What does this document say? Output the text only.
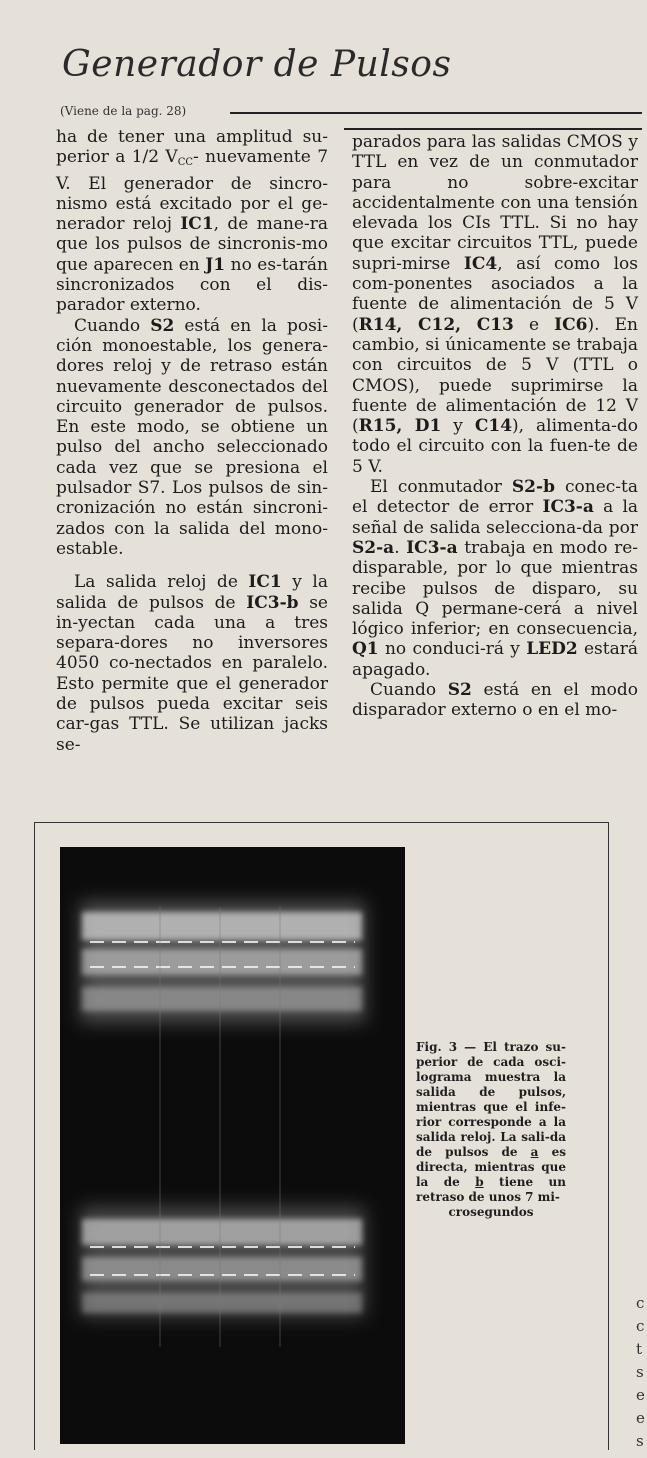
Generador de Pulsos
(Viene de la pag. 28)

ha de tener una amplitud su- perior a 1/2 $V_{CC}-$ nuevamente 7 V. El generador de sincro-nismo está excitado por el ge-nerador reloj IC1, de mane-ra que los pulsos de sincronis-mo que aparecen en J1 no es-tarán sincronizados con el dis-parador externo.

Cuando S2 está en la posi-ción monoestable, los genera-dores reloj y de retraso están nuevamente desconectados del circuito generador de pulsos. En este modo, se obtiene un pulso del ancho seleccionado cada vez que se presiona el pulsador S7. Los pulsos de sin-cronización no están sincroni-zados con la salida del mono-estable.

La salida reloj de IC1 y la salida de pulsos de IC3-b se in-yectan cada una a tres separa-dores no inversores 4050 co-nectados en paralelo. Esto permite que el generador de pulsos pueda excitar seis car-gas TTL. Se utilizan jacks se-

parados para las salidas CMOS y TTL en vez de un conmutador para no sobre-excitar accidentalmente con una tensión elevada los CIs TTL. Si no hay que excitar circuitos TTL, puede supri-mirse IC4, así como los com-ponentes asociados a la fuente de alimentación de 5 V (R14, C12, C13 e IC6). En cambio, si únicamente se trabaja con circuitos de 5 V (TTL o CMOS), puede suprimirse la fuente de alimentación de 12 V (R15, D1 y C14), alimenta-do todo el circuito con la fuen-te de 5 V.

El conmutador S2-b conec-ta el detector de error IC3-a a la señal de salida selecciona-da por S2-a. IC3-a trabaja en modo re-disparable, por lo que mientras recibe pulsos de disparo, su salida Q permane-cerá a nivel lógico inferior; en consecuencia, Q1 no conduci-rá y LED2 estará apagado.

Cuando S2 está en el modo disparador externo o en el mo-

Fig. 3 — El trazo su-perior de cada osci-lograma muestra la salida de pulsos, mientras que el infe-rior corresponde a la salida reloj. La sali-da de pulsos de a es directa, mientras que la de b tiene un retraso de unos 7 mi-
crosegundos
c
c
t
s
e
e
s
